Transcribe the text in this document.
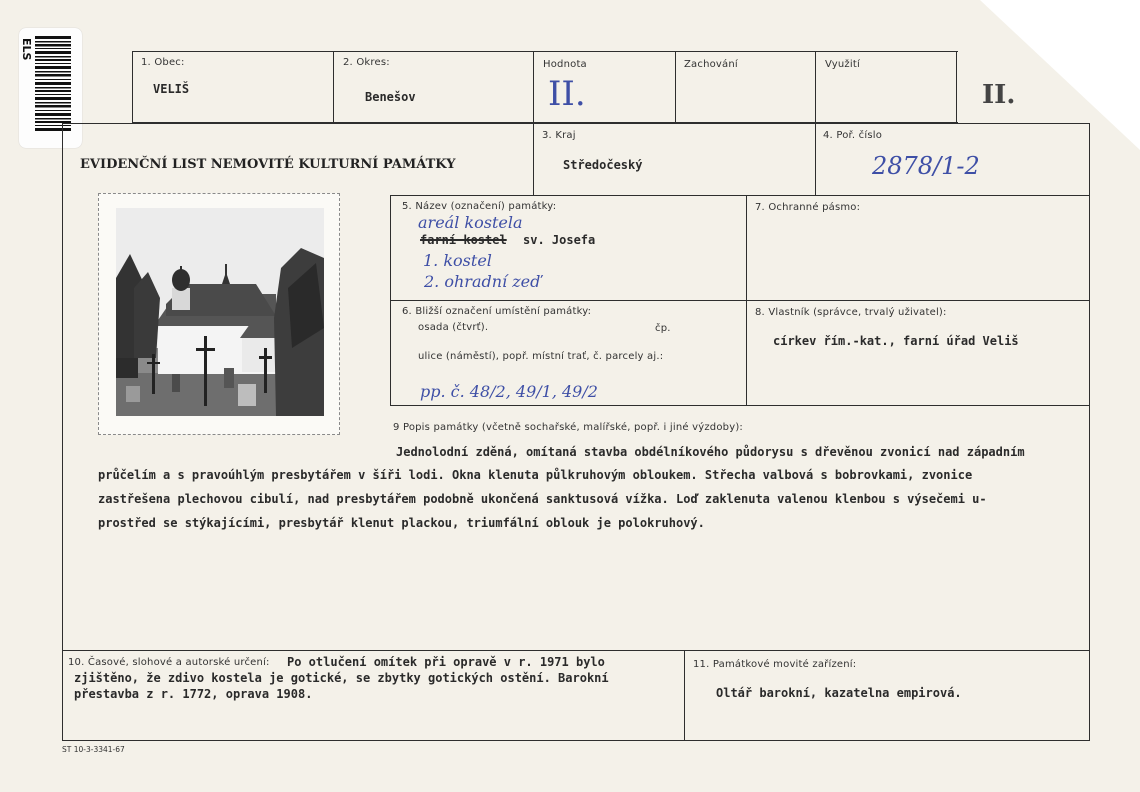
ELS
1. Obec:
VELIŠ
2. Okres:
Benešov
Hodnota
II.
Zachování	Využití
II.
EVIDENČNÍ LIST NEMOVITÉ KULTURNÍ PAMÁTKY
3. Kraj
Středočeský
4. Poř. číslo
2878/1-2
5. Název (označení) památky:
areál kostela
farní kostel sv. Josefa
1. kostel
2. ohradní zeď
7. Ochranné pásmo:
6. Bližší označení umístění památky:
osada (čtvrť).	čp.
ulice (náměstí), popř. místní trať, č. parcely aj.:
pp. č. 48/2, 49/1, 49/2
8. Vlastník (správce, trvalý uživatel):
církev řím.-kat., farní úřad Veliš
9 Popis památky (včetně sochařské, malířské, popř. i jiné výzdoby):
Jednolodní zděná, omítaná stavba obdélníkového půdorysu s dřevěnou zvonicí nad západním
průčelím a s pravoúhlým presbytářem v šíři lodi. Okna klenuta půlkruhovým obloukem. Střecha valbová s bobrovkami, zvonice
zastřešena plechovou cibulí, nad presbytářem podobně ukončená sanktusová vížka. Loď zaklenuta valenou klenbou s výsečemi u-
prostřed se stýkajícími, presbytář klenut plackou, triumfální oblouk je polokruhový.
10. Časové, slohové a autorské určení: Po otlučení omítek při opravě v r. 1971 bylo
zjištěno, že zdivo kostela je gotické, se zbytky gotických ostění. Barokní
přestavba z r. 1772, oprava 1908.
11. Památkové movité zařízení:
Oltář barokní, kazatelna empirová.
ST 10-3-3341-67
